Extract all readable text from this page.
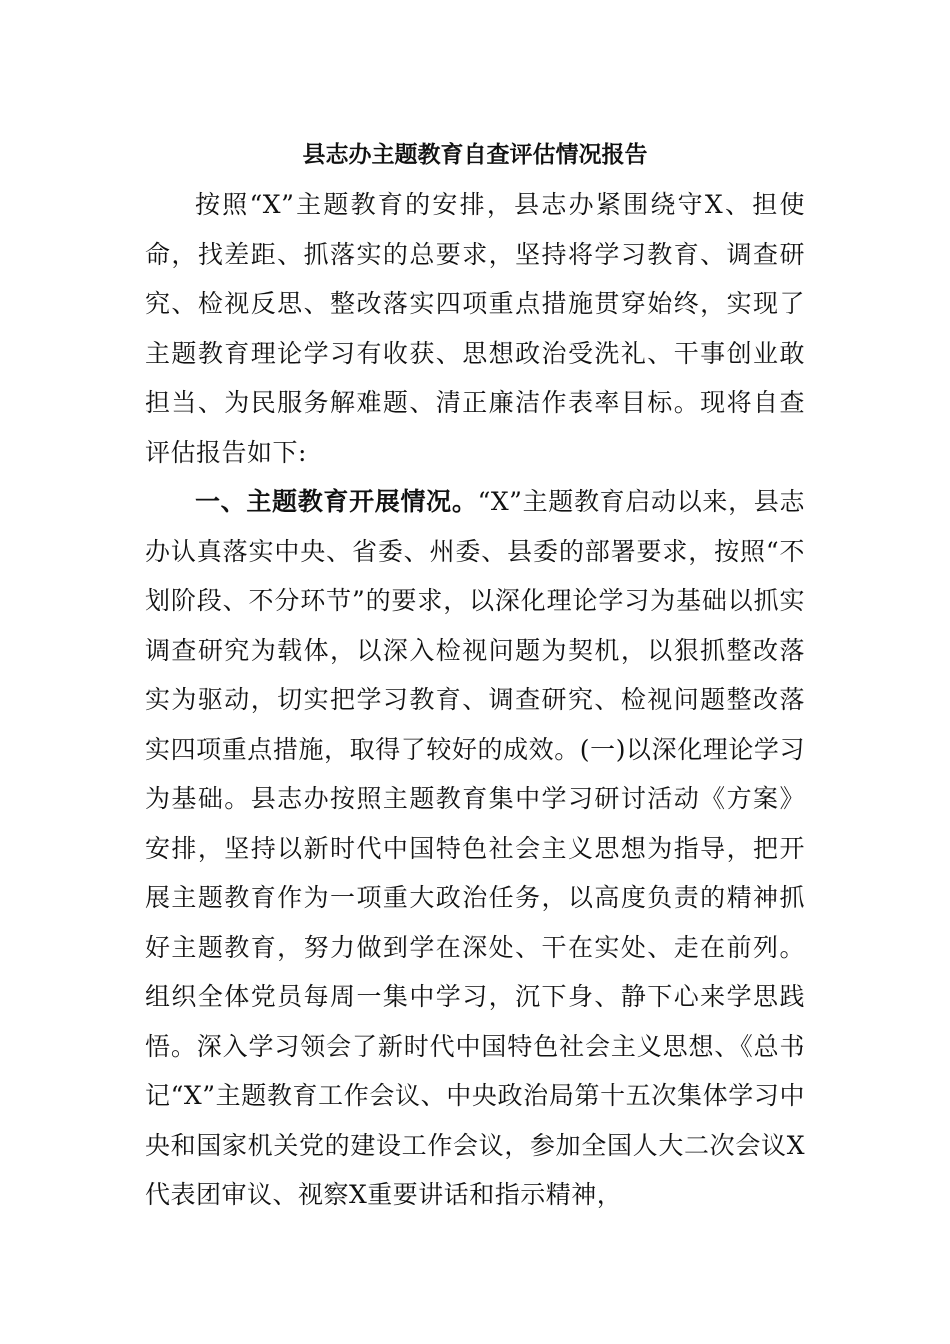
县志办主题教育自查评估情况报告

按照“X”主题教育的安排，县志办紧围绕守X、担使命，找差距、抓落实的总要求，坚持将学习教育、调查研究、检视反思、整改落实四项重点措施贯穿始终，实现了主题教育理论学习有收获、思想政治受洗礼、干事创业敢担当、为民服务解难题、清正廉洁作表率目标。现将自查评估报告如下:

一、主题教育开展情况。“X”主题教育启动以来，县志办认真落实中央、省委、州委、县委的部署要求，按照“不划阶段、不分环节”的要求，以深化理论学习为基础以抓实调查研究为载体，以深入检视问题为契机，以狠抓整改落实为驱动，切实把学习教育、调查研究、检视问题整改落实四项重点措施，取得了较好的成效。(一)以深化理论学习为基础。县志办按照主题教育集中学习研讨活动《方案》安排，坚持以新时代中国特色社会主义思想为指导，把开展主题教育作为一项重大政治任务，以高度负责的精神抓好主题教育，努力做到学在深处、干在实处、走在前列。组织全体党员每周一集中学习，沉下身、静下心来学思践悟。深入学习领会了新时代中国特色社会主义思想、《总书记“X”主题教育工作会议、中央政治局第十五次集体学习中央和国家机关党的建设工作会议，参加全国人大二次会议X代表团审议、视察X重要讲话和指示精神，
